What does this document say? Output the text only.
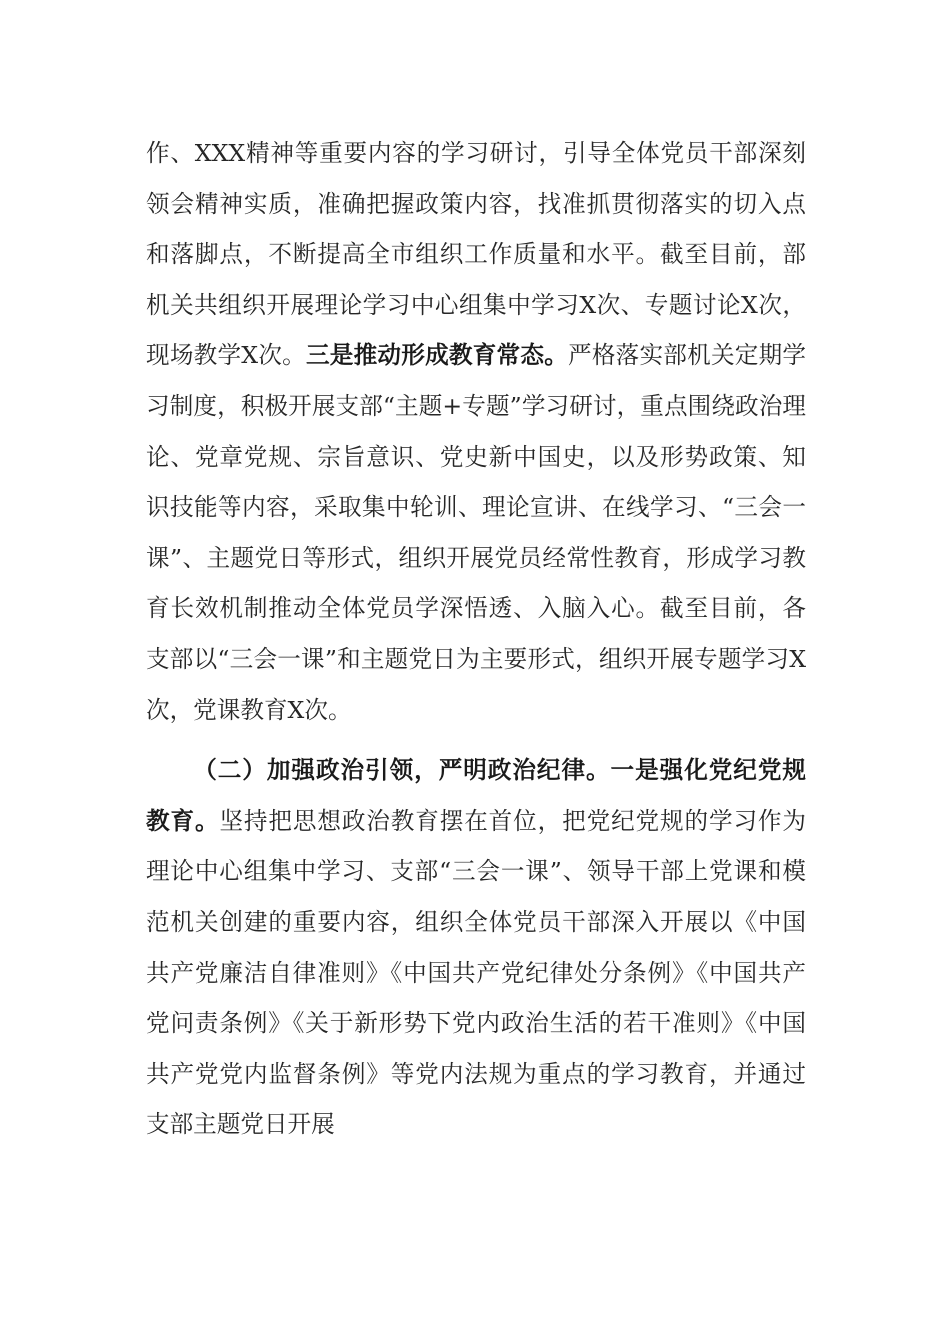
作、XXX精神等重要内容的学习研讨，引导全体党员干部深刻领会精神实质，准确把握政策内容，找准抓贯彻落实的切入点和落脚点，不断提高全市组织工作质量和水平。截至目前，部机关共组织开展理论学习中心组集中学习X次、专题讨论X次，现场教学X次。三是推动形成教育常态。严格落实部机关定期学习制度，积极开展支部“主题+专题”学习研讨，重点围绕政治理论、党章党规、宗旨意识、党史新中国史，以及形势政策、知识技能等内容，采取集中轮训、理论宣讲、在线学习、“三会一课”、主题党日等形式，组织开展党员经常性教育，形成学习教育长效机制推动全体党员学深悟透、入脑入心。截至目前，各支部以“三会一课”和主题党日为主要形式，组织开展专题学习X次，党课教育X次。

（二）加强政治引领，严明政治纪律。一是强化党纪党规教育。坚持把思想政治教育摆在首位，把党纪党规的学习作为理论中心组集中学习、支部“三会一课”、领导干部上党课和模范机关创建的重要内容，组织全体党员干部深入开展以《中国共产党廉洁自律准则》《中国共产党纪律处分条例》《中国共产党问责条例》《关于新形势下党内政治生活的若干准则》《中国共产党党内监督条例》等党内法规为重点的学习教育，并通过支部主题党日开展
